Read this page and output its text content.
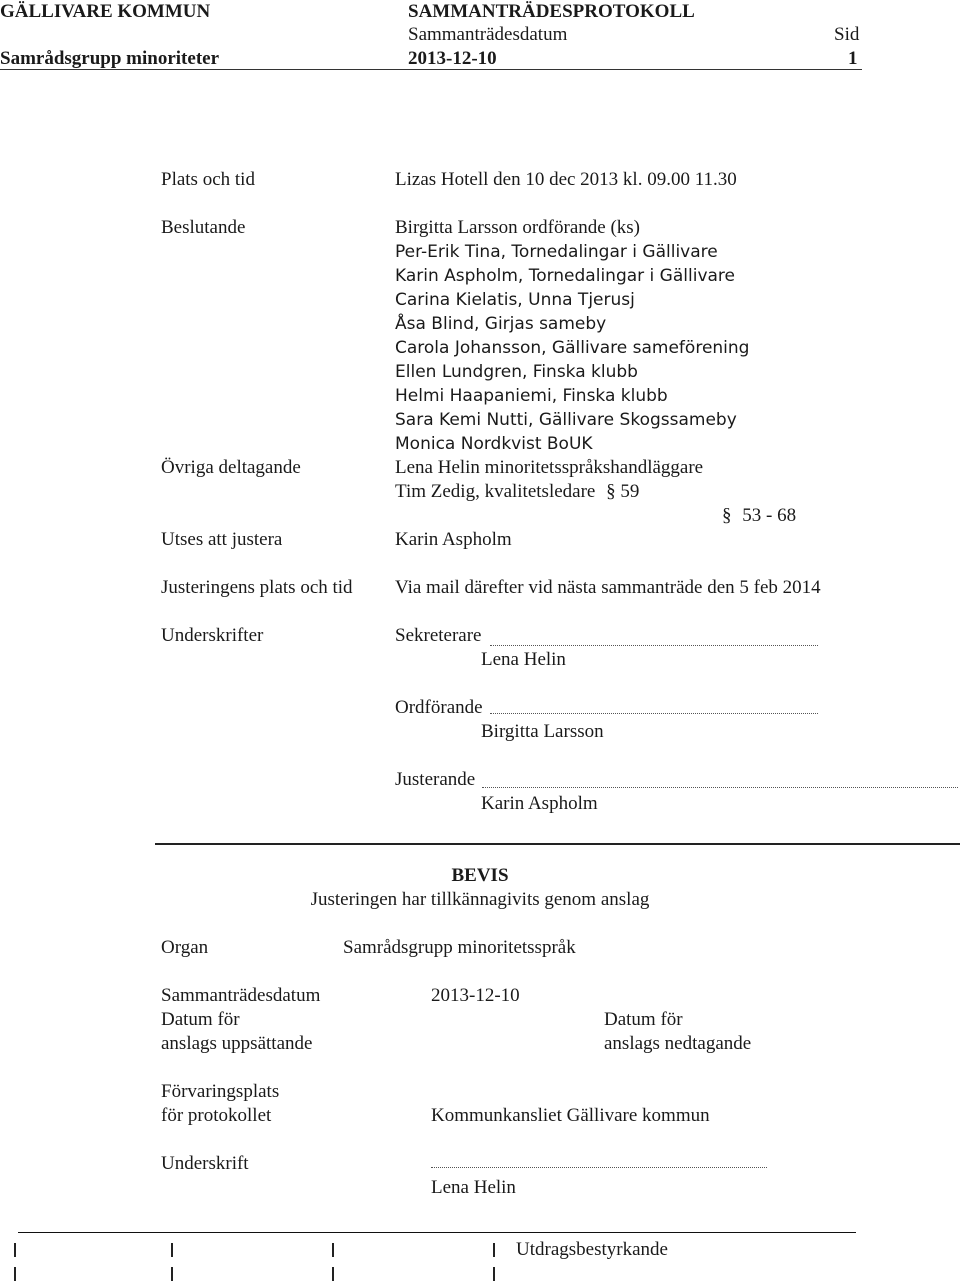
GÄLLIVARE KOMMUN	SAMMANTRÄDESPROTOKOLL
Sammanträdesdatum	Sid
Samrådsgrupp minoriteter	2013-12-10	1
Plats och tid	Lizas Hotell den 10 dec 2013 kl. 09.00 11.30
Beslutande	Birgitta Larsson ordförande (ks)
Per-Erik Tina, Tornedalingar i Gällivare
Karin Aspholm, Tornedalingar i Gällivare
Carina Kielatis, Unna Tjerusj
Åsa Blind, Girjas sameby
Carola Johansson, Gällivare sameförening
Ellen Lundgren, Finska klubb
Helmi Haapaniemi, Finska klubb
Sara Kemi Nutti, Gällivare Skogssameby
Monica Nordkvist BoUK
Övriga deltagande	Lena Helin minoritetsspråkshandläggare
Tim Zedig, kvalitetsledare § 59
§ 53 - 68
Utses att justera	Karin Aspholm
Justeringens plats och tid Via mail därefter vid nästa sammanträde den 5 feb 2014
Underskrifter	Sekreterare
Lena Helin
Ordförande
Birgitta Larsson
Justerande
Karin Aspholm
BEVIS
Justeringen har tillkännagivits genom anslag
Organ	Samrådsgrupp minoritetsspråk
Sammanträdesdatum	2013-12-10
Datum för
anslags uppsättande
Datum för
anslags nedtagande
Förvaringsplats
för protokollet	Kommunkansliet Gällivare kommun
Underskrift
Lena Helin
Utdragsbestyrkande
